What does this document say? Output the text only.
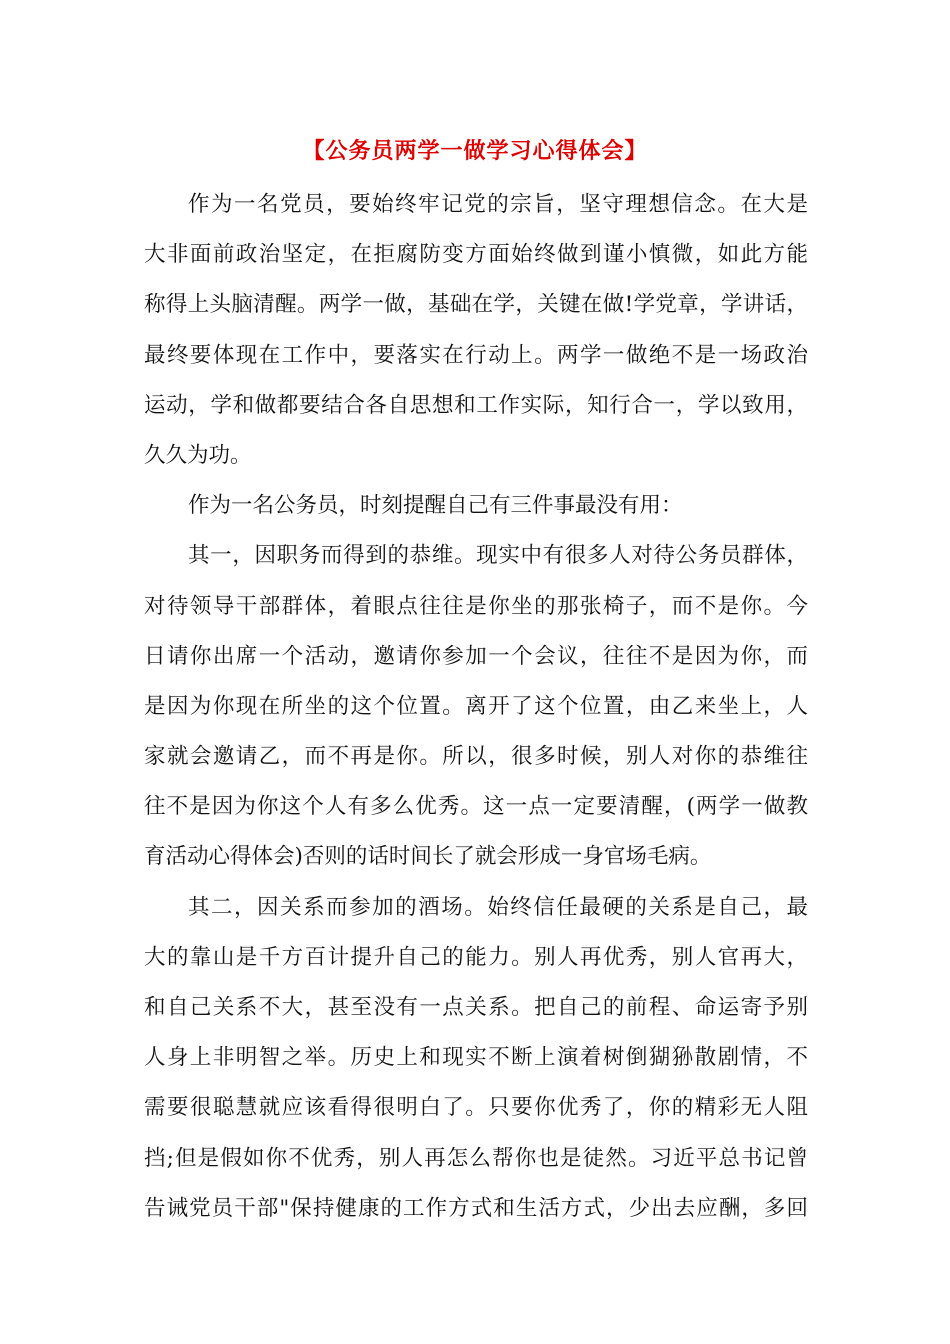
【公务员两学一做学习心得体会】
作为一名党员，要始终牢记党的宗旨，坚守理想信念。在大是
大非面前政治坚定，在拒腐防变方面始终做到谨小慎微，如此方能
称得上头脑清醒。两学一做，基础在学，关键在做!学党章，学讲话，
最终要体现在工作中，要落实在行动上。两学一做绝不是一场政治
运动，学和做都要结合各自思想和工作实际，知行合一，学以致用，
久久为功。
作为一名公务员，时刻提醒自己有三件事最没有用：
其一，因职务而得到的恭维。现实中有很多人对待公务员群体，
对待领导干部群体，着眼点往往是你坐的那张椅子，而不是你。今
日请你出席一个活动，邀请你参加一个会议，往往不是因为你，而
是因为你现在所坐的这个位置。离开了这个位置，由乙来坐上，人
家就会邀请乙，而不再是你。所以，很多时候，别人对你的恭维往
往不是因为你这个人有多么优秀。这一点一定要清醒，(两学一做教
育活动心得体会)否则的话时间长了就会形成一身官场毛病。
其二，因关系而参加的酒场。始终信任最硬的关系是自己，最
大的靠山是千方百计提升自己的能力。别人再优秀，别人官再大，
和自己关系不大，甚至没有一点关系。把自己的前程、命运寄予别
人身上非明智之举。历史上和现实不断上演着树倒猢狲散剧情，不
需要很聪慧就应该看得很明白了。只要你优秀了，你的精彩无人阻
挡;但是假如你不优秀，别人再怎么帮你也是徒然。习近平总书记曾
告诫党员干部"保持健康的工作方式和生活方式，少出去应酬，多回
